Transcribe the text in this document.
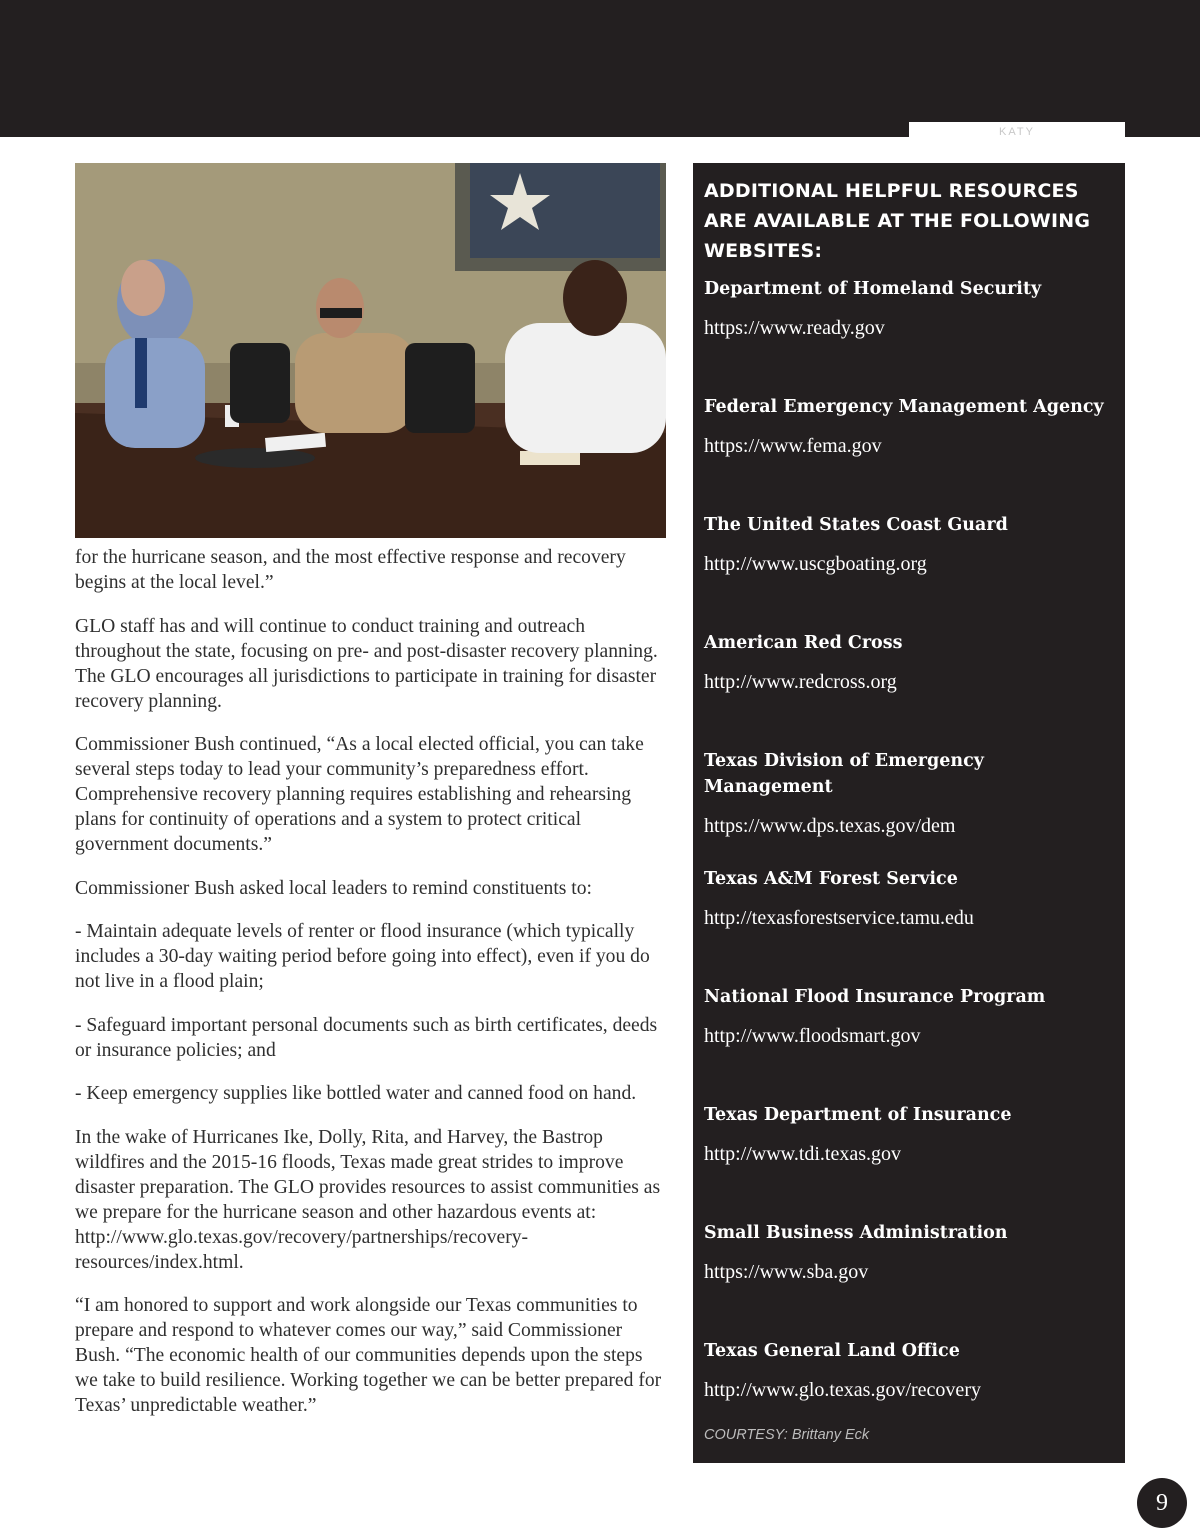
KATY

for the hurricane season, and the most effective response and recovery begins at the local level.”

GLO staff has and will continue to conduct training and outreach throughout the state, focusing on pre- and post-disaster recovery planning. The GLO encourages all jurisdictions to participate in training for disaster recovery planning.

Commissioner Bush continued, “As a local elected official, you can take several steps today to lead your community’s preparedness effort. Comprehensive recovery planning requires establishing and rehearsing plans for continuity of operations and a system to protect critical government documents.”

Commissioner Bush asked local leaders to remind constituents to:

- Maintain adequate levels of renter or flood insurance (which typically includes a 30-day waiting period before going into effect), even if you do not live in a flood plain;

- Safeguard important personal documents such as birth certificates, deeds or insurance policies; and

- Keep emergency supplies like bottled water and canned food on hand.

In the wake of Hurricanes Ike, Dolly, Rita, and Harvey, the Bastrop wildfires and the 2015-16 floods, Texas made great strides to improve disaster preparation. The GLO provides resources to assist communities as we prepare for the hurricane season and other hazardous events at: http://www.glo.texas.gov/recovery/partnerships/recovery-resources/index.html.

“I am honored to support and work alongside our Texas communities to prepare and respond to whatever comes our way,” said Commissioner Bush. “The economic health of our communities depends upon the steps we take to build resilience. Working together we can be better prepared for Texas’ unpredictable weather.”

ADDITIONAL HELPFUL RESOURCES ARE AVAILABLE AT THE FOLLOWING WEBSITES:
Department of Homeland Security
https://www.ready.gov
Federal Emergency Management Agency
https://www.fema.gov
The United States Coast Guard
http://www.uscgboating.org
American Red Cross
http://www.redcross.org
Texas Division of Emergency Management
https://www.dps.texas.gov/dem
Texas A&M Forest Service
http://texasforestservice.tamu.edu
National Flood Insurance Program
http://www.floodsmart.gov
Texas Department of Insurance
http://www.tdi.texas.gov
Small Business Administration
https://www.sba.gov
Texas General Land Office
http://www.glo.texas.gov/recovery
COURTESY: Brittany Eck
9
